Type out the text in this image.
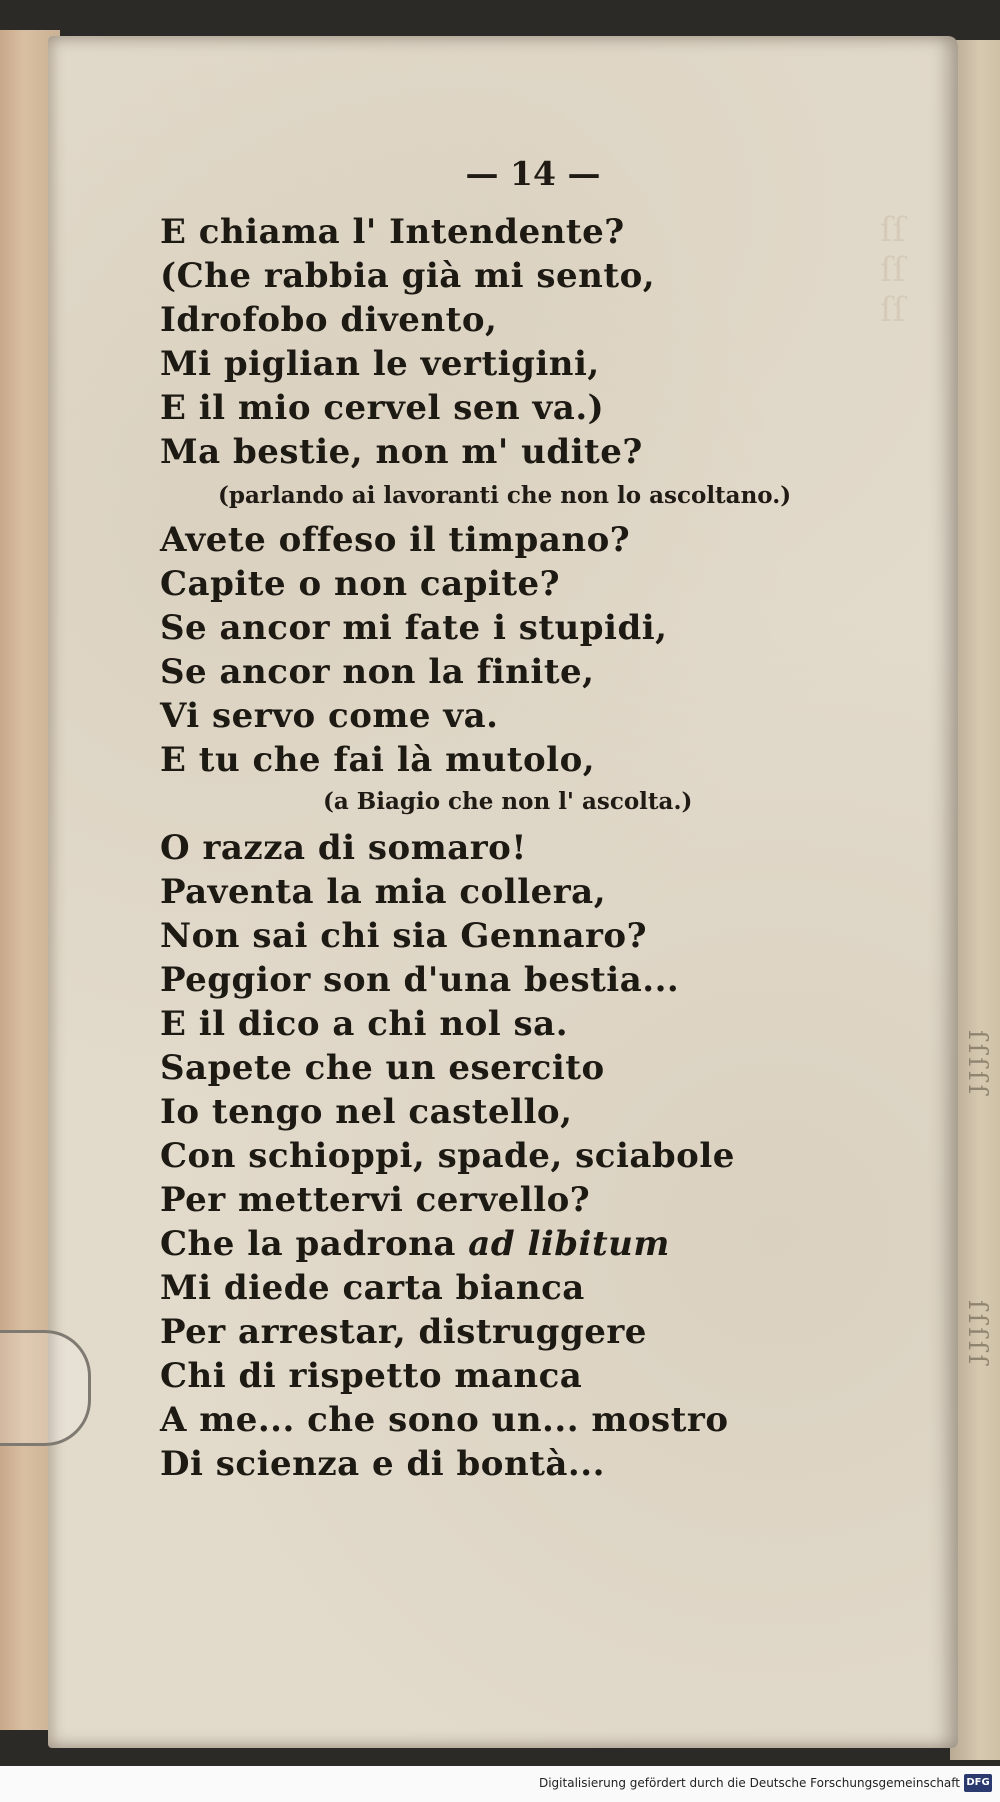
ſſſſſ
ſſſſſ
— 14 —

E chiama l' Intendente?

(Che rabbia già mi sento,

Idrofobo divento,

Mi piglian le vertigini,

E il mio cervel sen va.)

Ma bestie, non m' udite?

(parlando ai lavoranti che non lo ascoltano.)

Avete offeso il timpano?

Capite o non capite?

Se ancor mi fate i stupidi,

Se ancor non la finite,

Vi servo come va.

E tu che fai là mutolo,

(a Biagio che non l' ascolta.)

O razza di somaro!

Paventa la mia collera,

Non sai chi sia Gennaro?

Peggior son d'una bestia...

E il dico a chi nol sa.

Sapete che un esercito

Io tengo nel castello,

Con schioppi, spade, sciabole

Per mettervi cervello?

Che la padrona ad libitum

Mi diede carta bianca

Per arrestar, distruggere

Chi di rispetto manca

A me... che sono un... mostro

Di scienza e di bontà...

ſſ
ſſ
ſſ
Digitalisierung gefördert durch die Deutsche Forschungsgemeinschaft DFG
